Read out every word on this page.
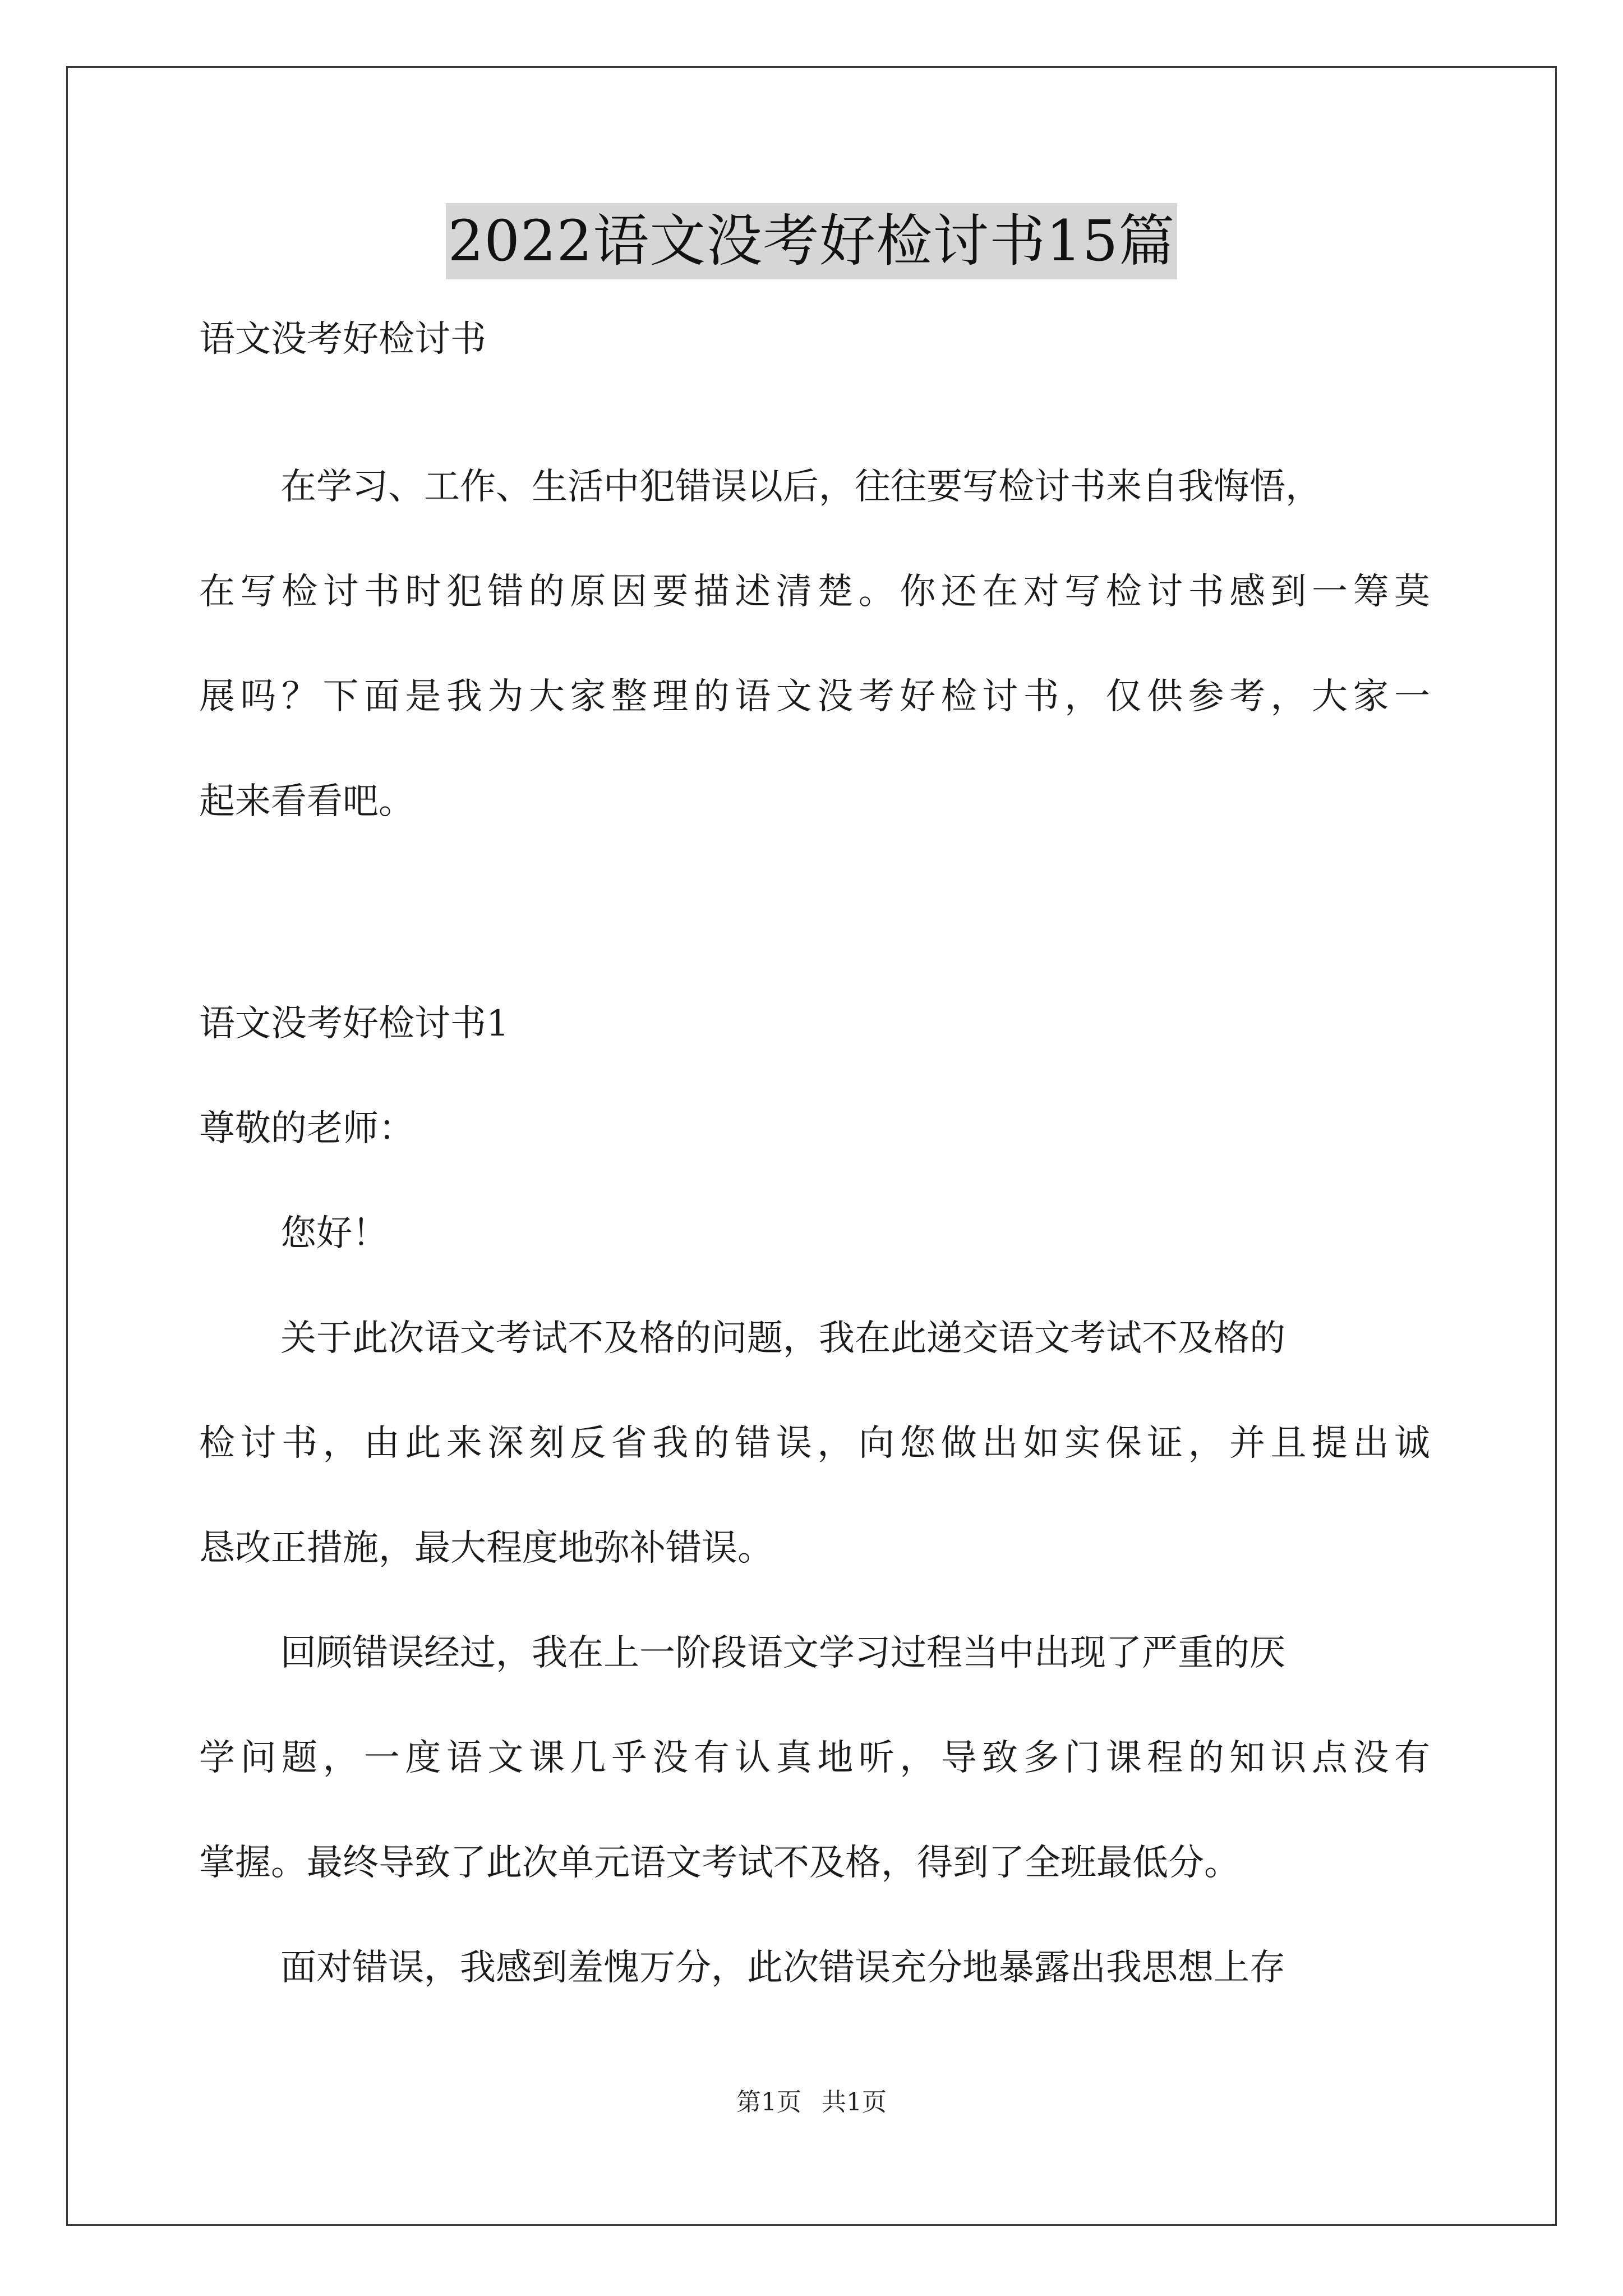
2022语文没考好检讨书15篇
语文没考好检讨书
在学习、工作、生活中犯错误以后，往往要写检讨书来自我悔悟，
在写检讨书时犯错的原因要描述清楚。你还在对写检讨书感到一筹莫
展吗？下面是我为大家整理的语文没考好检讨书，仅供参考，大家一
起来看看吧。
语文没考好检讨书1
尊敬的老师：
您好！
关于此次语文考试不及格的问题，我在此递交语文考试不及格的
检讨书，由此来深刻反省我的错误，向您做出如实保证，并且提出诚
恳改正措施，最大程度地弥补错误。
回顾错误经过，我在上一阶段语文学习过程当中出现了严重的厌
学问题，一度语文课几乎没有认真地听，导致多门课程的知识点没有
掌握。最终导致了此次单元语文考试不及格，得到了全班最低分。
面对错误，我感到羞愧万分，此次错误充分地暴露出我思想上存
第1页 共1页
